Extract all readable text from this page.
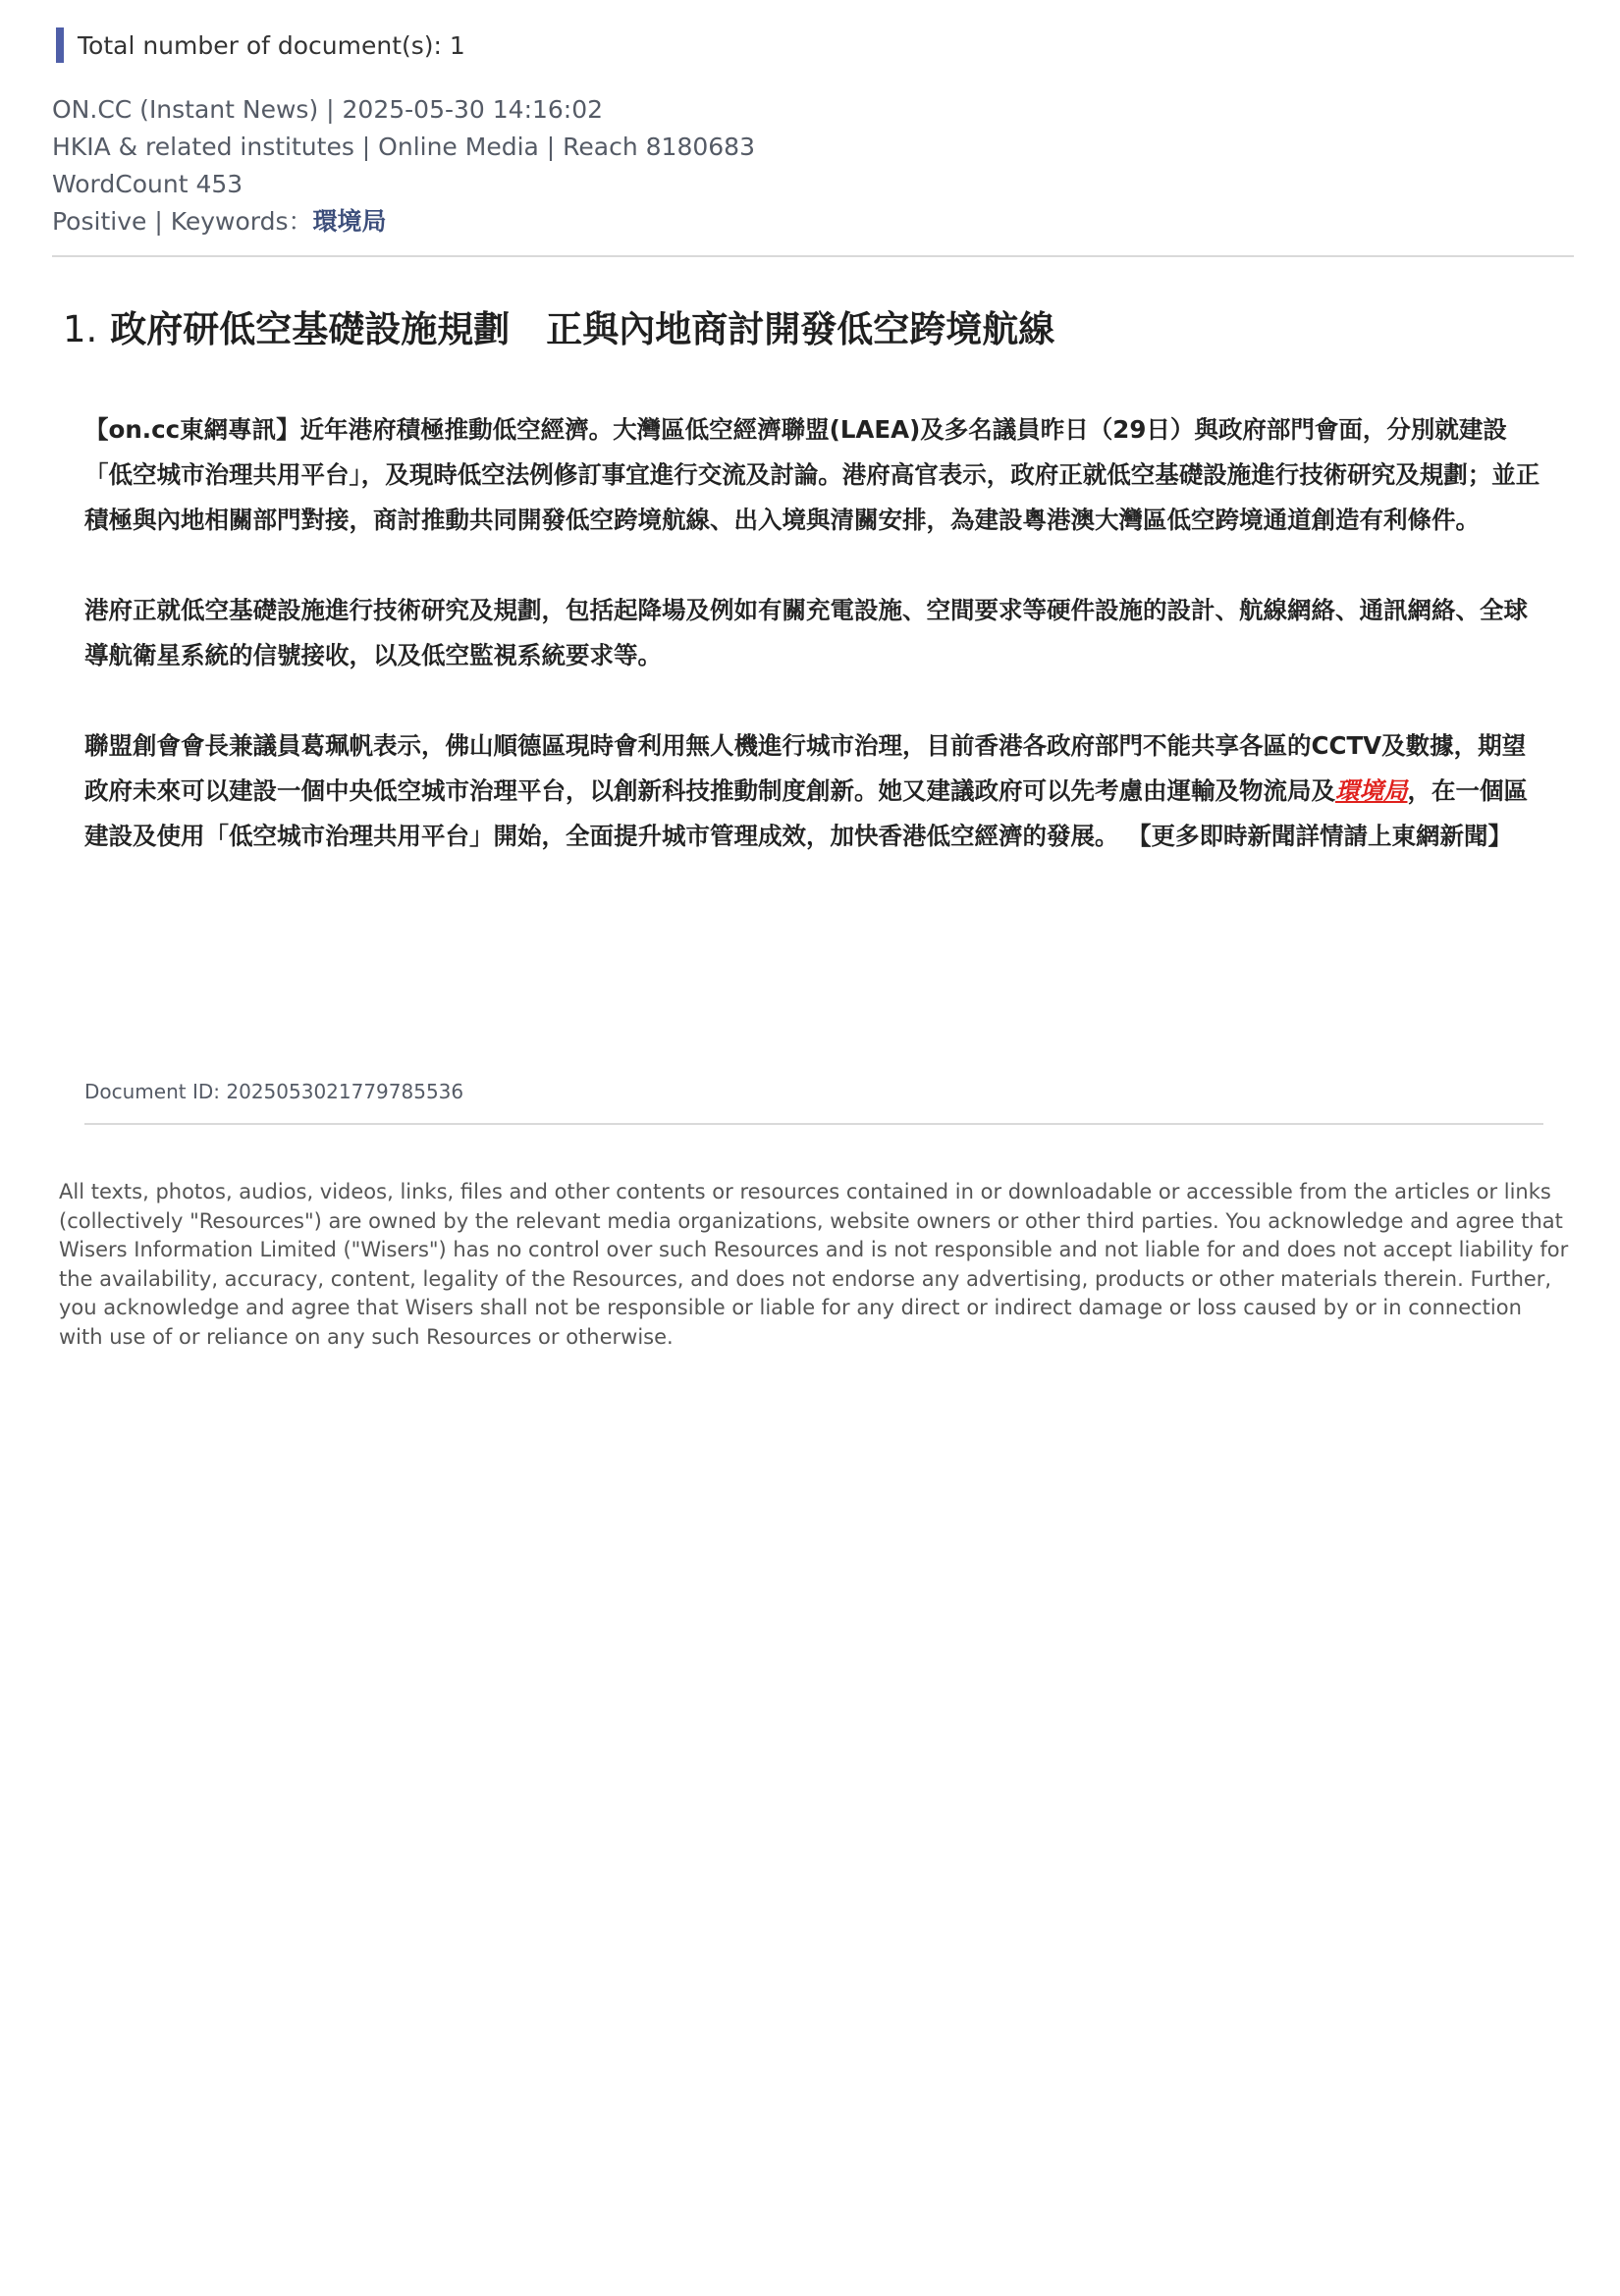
Total number of document(s): 1
ON.CC (Instant News) | 2025-05-30 14:16:02
HKIA & related institutes | Online Media | Reach 8180683
WordCount 453
Positive | Keywords：環境局
1. 政府研低空基礎設施規劃　正與內地商討開發低空跨境航線

【on.cc東網專訊】近年港府積極推動低空經濟。大灣區低空經濟聯盟(LAEA)及多名議員昨日（29日）與政府部門會面，分別就建設「低空城市治理共用平台」，及現時低空法例修訂事宜進行交流及討論。港府高官表示，政府正就低空基礎設施進行技術研究及規劃；並正積極與內地相關部門對接，商討推動共同開發低空跨境航線、出入境與清關安排，為建設粵港澳大灣區低空跨境通道創造有利條件。

港府正就低空基礎設施進行技術研究及規劃，包括起降場及例如有關充電設施、空間要求等硬件設施的設計、航線網絡、通訊網絡、全球導航衛星系統的信號接收，以及低空監視系統要求等。

聯盟創會會長兼議員葛珮帆表示，佛山順德區現時會利用無人機進行城市治理，目前香港各政府部門不能共享各區的CCTV及數據，期望政府未來可以建設一個中央低空城市治理平台，以創新科技推動制度創新。她又建議政府可以先考慮由運輸及物流局及環境局，在一個區建設及使用「低空城市治理共用平台」開始，全面提升城市管理成效，加快香港低空經濟的發展。 【更多即時新聞詳情請上東網新聞】

Document ID: 2025053021779785536
All texts, photos, audios, videos, links, files and other contents or resources contained in or downloadable or accessible from the articles or links (collectively "Resources") are owned by the relevant media organizations, website owners or other third parties. You acknowledge and agree that Wisers Information Limited ("Wisers") has no control over such Resources and is not responsible and not liable for and does not accept liability for the availability, accuracy, content, legality of the Resources, and does not endorse any advertising, products or other materials therein. Further, you acknowledge and agree that Wisers shall not be responsible or liable for any direct or indirect damage or loss caused by or in connection with use of or reliance on any such Resources or otherwise.
